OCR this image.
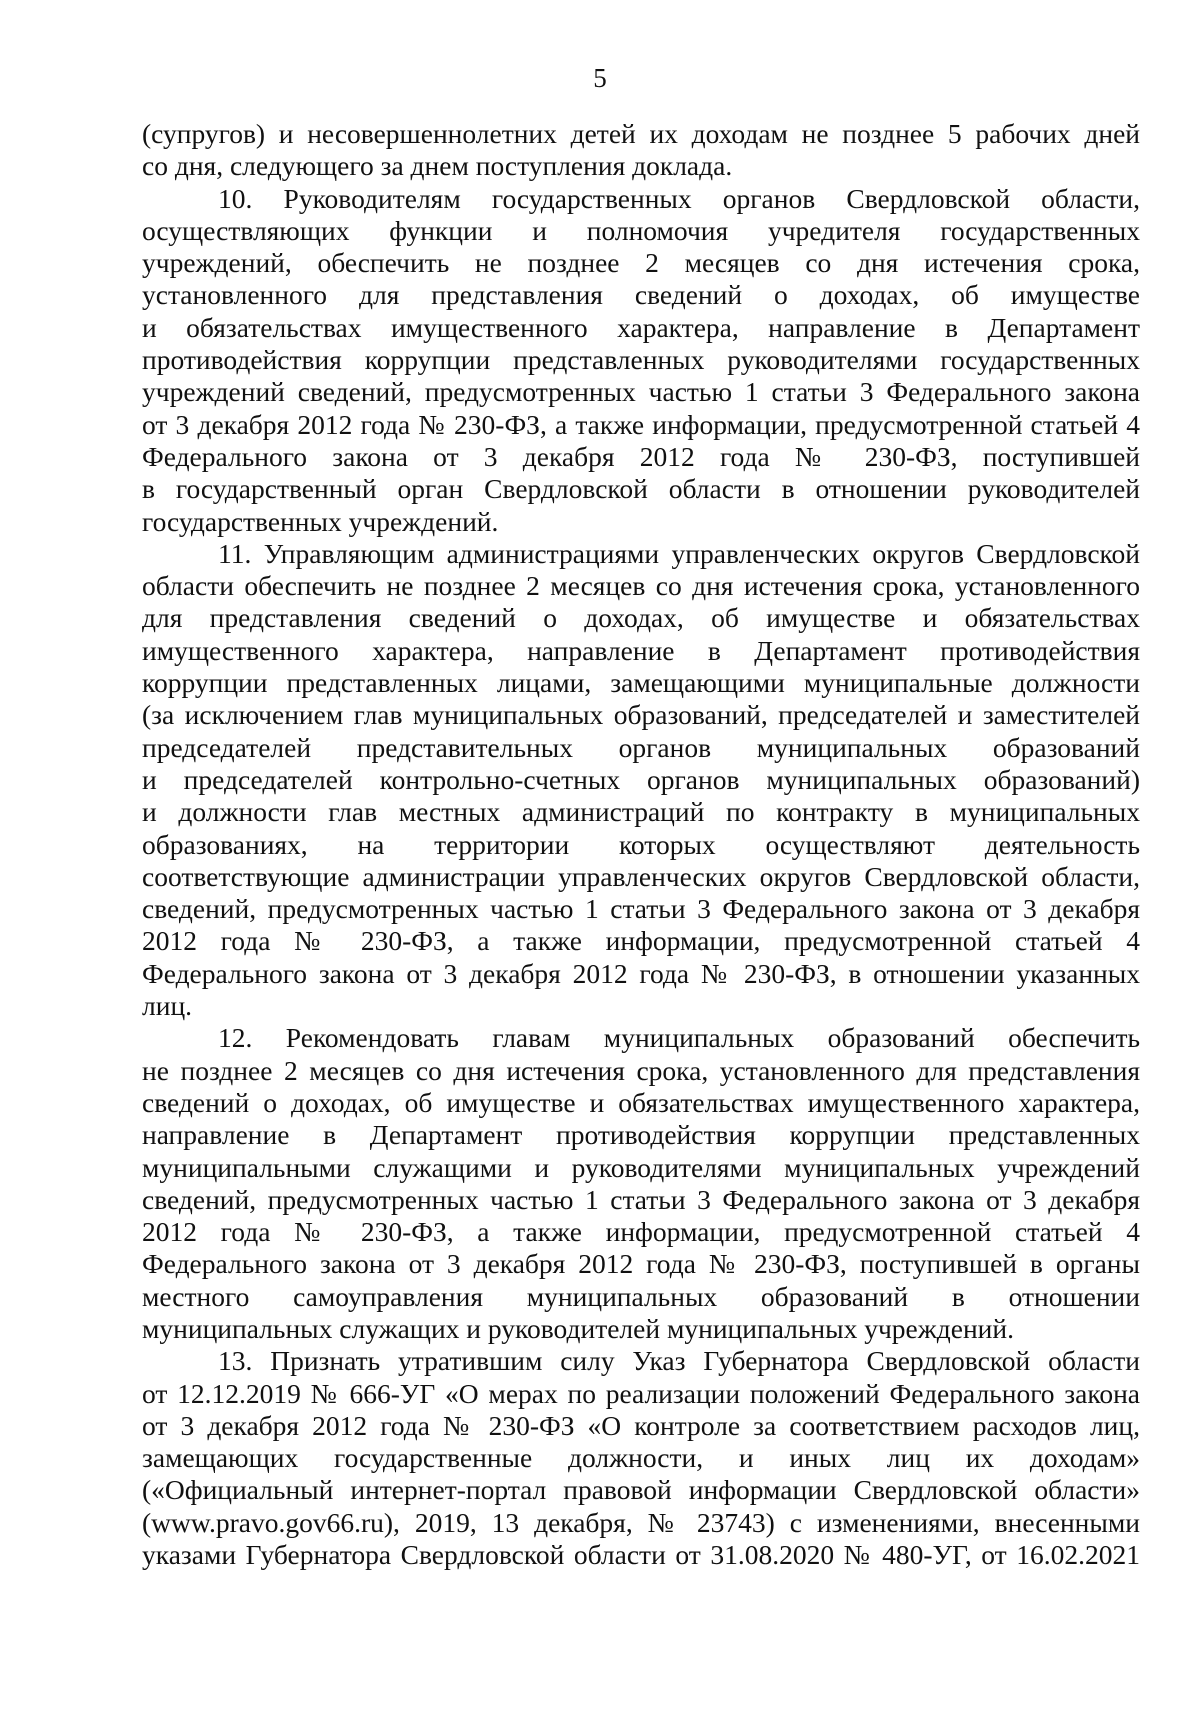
5
(супругов) и несовершеннолетних детей их доходам не позднее 5 рабочих дней
со дня, следующего за днем поступления доклада.
10. Руководителям государственных органов Свердловской области,
осуществляющих функции и полномочия учредителя государственных
учреждений, обеспечить не позднее 2 месяцев со дня истечения срока,
установленного для представления сведений о доходах, об имуществе
и обязательствах имущественного характера, направление в Департамент
противодействия коррупции представленных руководителями государственных
учреждений сведений, предусмотренных частью 1 статьи 3 Федерального закона
от 3 декабря 2012 года № 230-ФЗ, а также информации, предусмотренной статьей 4
Федерального закона от 3 декабря 2012 года № 230-ФЗ, поступившей
в государственный орган Свердловской области в отношении руководителей
государственных учреждений.
11. Управляющим администрациями управленческих округов Свердловской
области обеспечить не позднее 2 месяцев со дня истечения срока, установленного
для представления сведений о доходах, об имуществе и обязательствах
имущественного характера, направление в Департамент противодействия
коррупции представленных лицами, замещающими муниципальные должности
(за исключением глав муниципальных образований, председателей и заместителей
председателей представительных органов муниципальных образований
и председателей контрольно-счетных органов муниципальных образований)
и должности глав местных администраций по контракту в муниципальных
образованиях, на территории которых осуществляют деятельность
соответствующие администрации управленческих округов Свердловской области,
сведений, предусмотренных частью 1 статьи 3 Федерального закона от 3 декабря
2012 года № 230-ФЗ, а также информации, предусмотренной статьей 4
Федерального закона от 3 декабря 2012 года № 230-ФЗ, в отношении указанных
лиц.
12. Рекомендовать главам муниципальных образований обеспечить
не позднее 2 месяцев со дня истечения срока, установленного для представления
сведений о доходах, об имуществе и обязательствах имущественного характера,
направление в Департамент противодействия коррупции представленных
муниципальными служащими и руководителями муниципальных учреждений
сведений, предусмотренных частью 1 статьи 3 Федерального закона от 3 декабря
2012 года № 230-ФЗ, а также информации, предусмотренной статьей 4
Федерального закона от 3 декабря 2012 года № 230-ФЗ, поступившей в органы
местного самоуправления муниципальных образований в отношении
муниципальных служащих и руководителей муниципальных учреждений.
13. Признать утратившим силу Указ Губернатора Свердловской области
от 12.12.2019 № 666-УГ «О мерах по реализации положений Федерального закона
от 3 декабря 2012 года № 230-ФЗ «О контроле за соответствием расходов лиц,
замещающих государственные должности, и иных лиц их доходам»
(«Официальный интернет-портал правовой информации Свердловской области»
(www.pravo.gov66.ru), 2019, 13 декабря, № 23743) с изменениями, внесенными
указами Губернатора Свердловской области от 31.08.2020 № 480-УГ, от 16.02.2021
